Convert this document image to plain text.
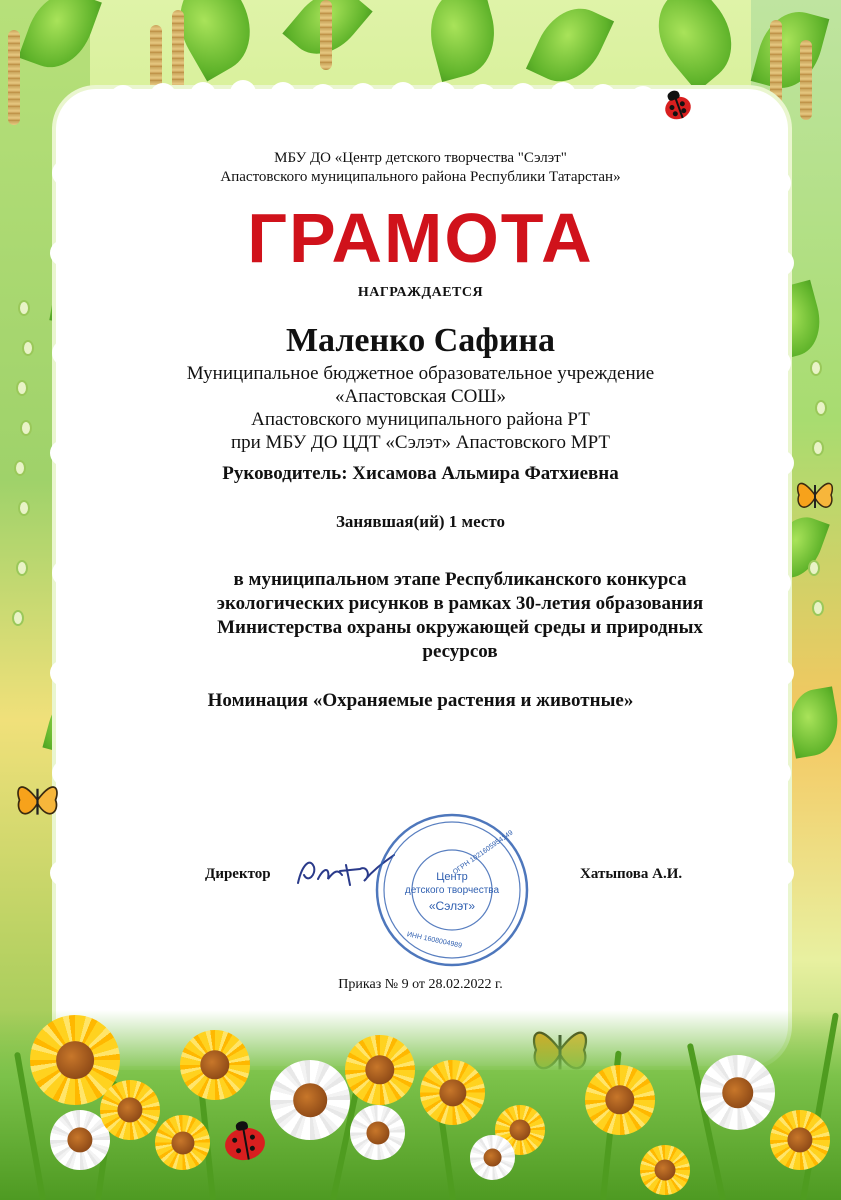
МБУ ДО «Центр детского творчества "Сэлэт"
Апастовского муниципального района Республики Татарстан»
ГРАМОТА
НАГРАЖДАЕТСЯ
Маленко Сафина
Муниципальное бюджетное образовательное учреждение
«Апастовская СОШ»
Апастовского муниципального района РТ
при МБУ ДО ЦДТ «Сэлэт» Апастовского МРТ
Руководитель: Хисамова Альмира Фатхиевна
Занявшая(ий) 1 место
в муниципальном этапе Республиканского конкурса
экологических рисунков в рамках 30-летия образования
Министерства охраны окружающей среды и природных
ресурсов
Номинация «Охраняемые растения и животные»
Директор	Хатыпова А.И.
Центр
детского творчества
«Сэлэт»
ОГРН 1021605954149
ИНН 1608004989
Приказ № 9 от 28.02.2022 г.
